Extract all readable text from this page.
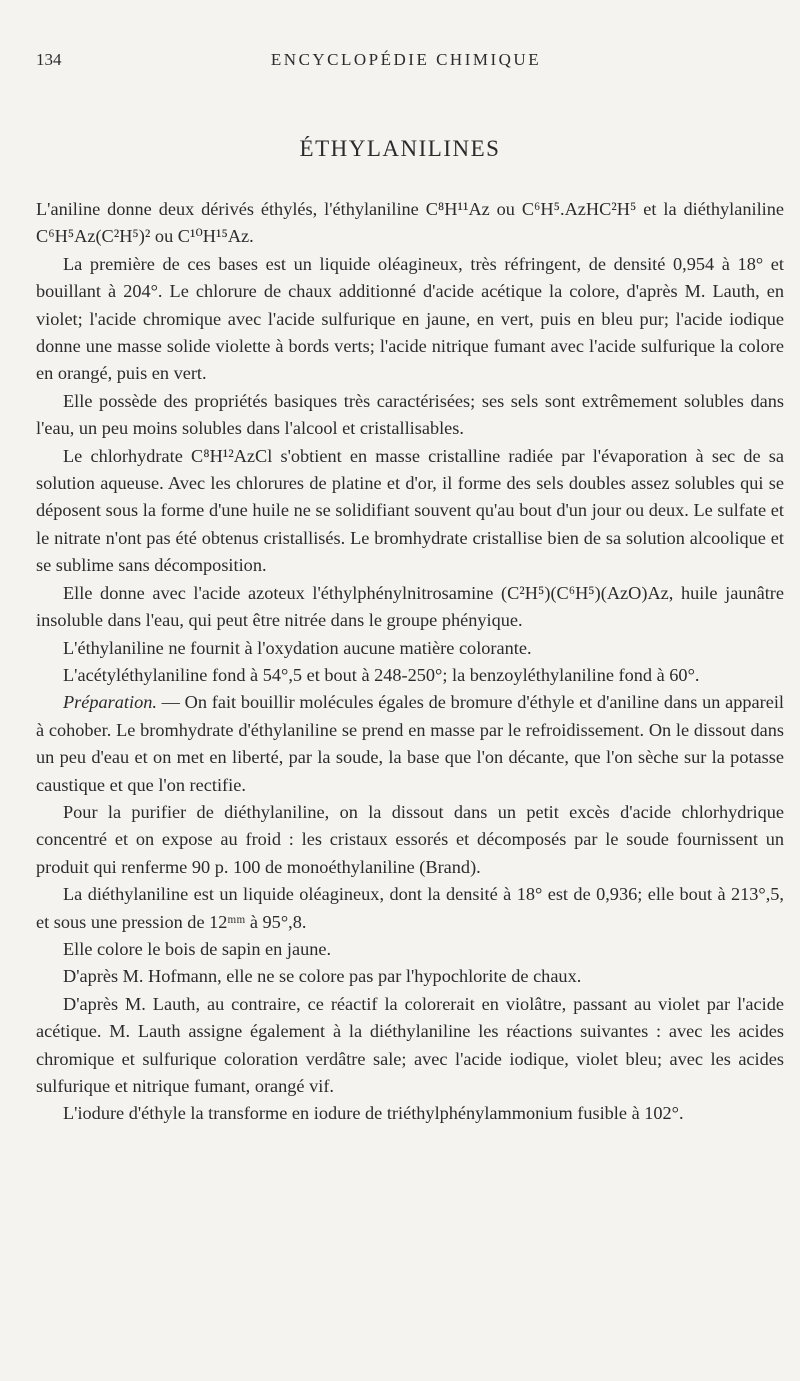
134	ENCYCLOPÉDIE CHIMIQUE
ÉTHYLANILINES

L'aniline donne deux dérivés éthylés, l'éthylaniline C⁸H¹¹Az ou C⁶H⁵.AzHC²H⁵ et la diéthylaniline C⁶H⁵Az(C²H⁵)² ou C¹⁰H¹⁵Az.

La première de ces bases est un liquide oléagineux, très réfringent, de densité 0,954 à 18° et bouillant à 204°. Le chlorure de chaux additionné d'acide acétique la colore, d'après M. Lauth, en violet; l'acide chromique avec l'acide sulfurique en jaune, en vert, puis en bleu pur; l'acide iodique donne une masse solide violette à bords verts; l'acide nitrique fumant avec l'acide sulfurique la colore en orangé, puis en vert.

Elle possède des propriétés basiques très caractérisées; ses sels sont extrêmement solubles dans l'eau, un peu moins solubles dans l'alcool et cristallisables.

Le chlorhydrate C⁸H¹²AzCl s'obtient en masse cristalline radiée par l'évaporation à sec de sa solution aqueuse. Avec les chlorures de platine et d'or, il forme des sels doubles assez solubles qui se déposent sous la forme d'une huile ne se solidifiant souvent qu'au bout d'un jour ou deux. Le sulfate et le nitrate n'ont pas été obtenus cristallisés. Le bromhydrate cristallise bien de sa solution alcoolique et se sublime sans décomposition.

Elle donne avec l'acide azoteux l'éthylphénylnitrosamine (C²H⁵)(C⁶H⁵)(AzO)Az, huile jaunâtre insoluble dans l'eau, qui peut être nitrée dans le groupe phényique.

L'éthylaniline ne fournit à l'oxydation aucune matière colorante.

L'acétyléthylaniline fond à 54°,5 et bout à 248-250°; la benzoyléthylaniline fond à 60°.

Préparation. — On fait bouillir molécules égales de bromure d'éthyle et d'aniline dans un appareil à cohober. Le bromhydrate d'éthylaniline se prend en masse par le refroidissement. On le dissout dans un peu d'eau et on met en liberté, par la soude, la base que l'on décante, que l'on sèche sur la potasse caustique et que l'on rectifie.

Pour la purifier de diéthylaniline, on la dissout dans un petit excès d'acide chlorhydrique concentré et on expose au froid : les cristaux essorés et décomposés par le soude fournissent un produit qui renferme 90 p. 100 de monoéthylaniline (Brand).

La diéthylaniline est un liquide oléagineux, dont la densité à 18° est de 0,936; elle bout à 213°,5, et sous une pression de 12ᵐᵐ à 95°,8.

Elle colore le bois de sapin en jaune.

D'après M. Hofmann, elle ne se colore pas par l'hypochlorite de chaux.

D'après M. Lauth, au contraire, ce réactif la colorerait en violâtre, passant au violet par l'acide acétique. M. Lauth assigne également à la diéthylaniline les réactions suivantes : avec les acides chromique et sulfurique coloration verdâtre sale; avec l'acide iodique, violet bleu; avec les acides sulfurique et nitrique fumant, orangé vif.

L'iodure d'éthyle la transforme en iodure de triéthylphénylammonium fusible à 102°.
